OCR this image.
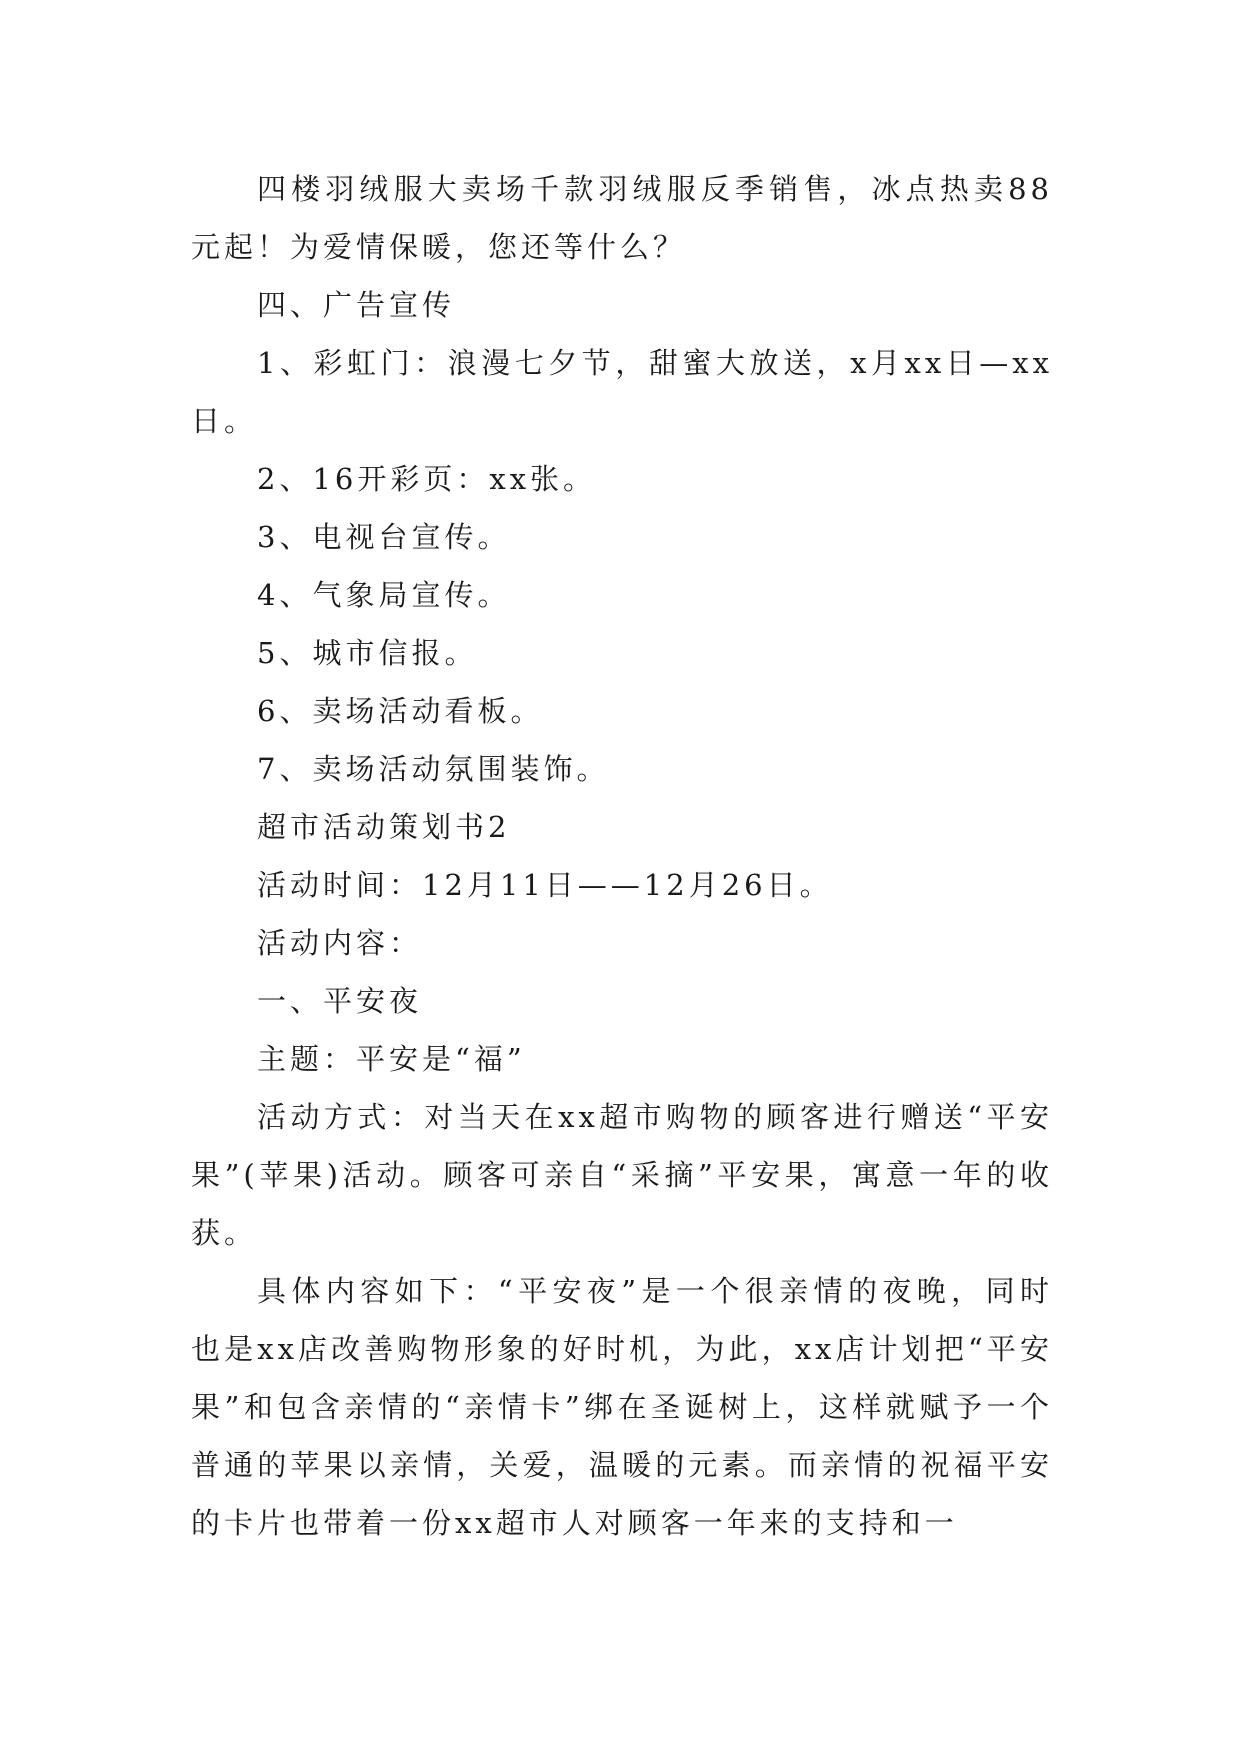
四楼羽绒服大卖场千款羽绒服反季销售，冰点热卖88元起！为爱情保暖，您还等什么？

四、广告宣传

1、彩虹门：浪漫七夕节，甜蜜大放送，x月xx日—xx日。

2、16开彩页：xx张。

3、电视台宣传。

4、气象局宣传。

5、城市信报。

6、卖场活动看板。

7、卖场活动氛围装饰。

超市活动策划书2

活动时间：12月11日——12月26日。

活动内容：

一、平安夜

主题：平安是“福”

活动方式：对当天在xx超市购物的顾客进行赠送“平安果”(苹果)活动。顾客可亲自“采摘”平安果，寓意一年的收获。

具体内容如下：“平安夜”是一个很亲情的夜晚，同时也是xx店改善购物形象的好时机，为此，xx店计划把“平安果”和包含亲情的“亲情卡”绑在圣诞树上，这样就赋予一个普通的苹果以亲情，关爱，温暖的元素。而亲情的祝福平安的卡片也带着一份xx超市人对顾客一年来的支持和一
